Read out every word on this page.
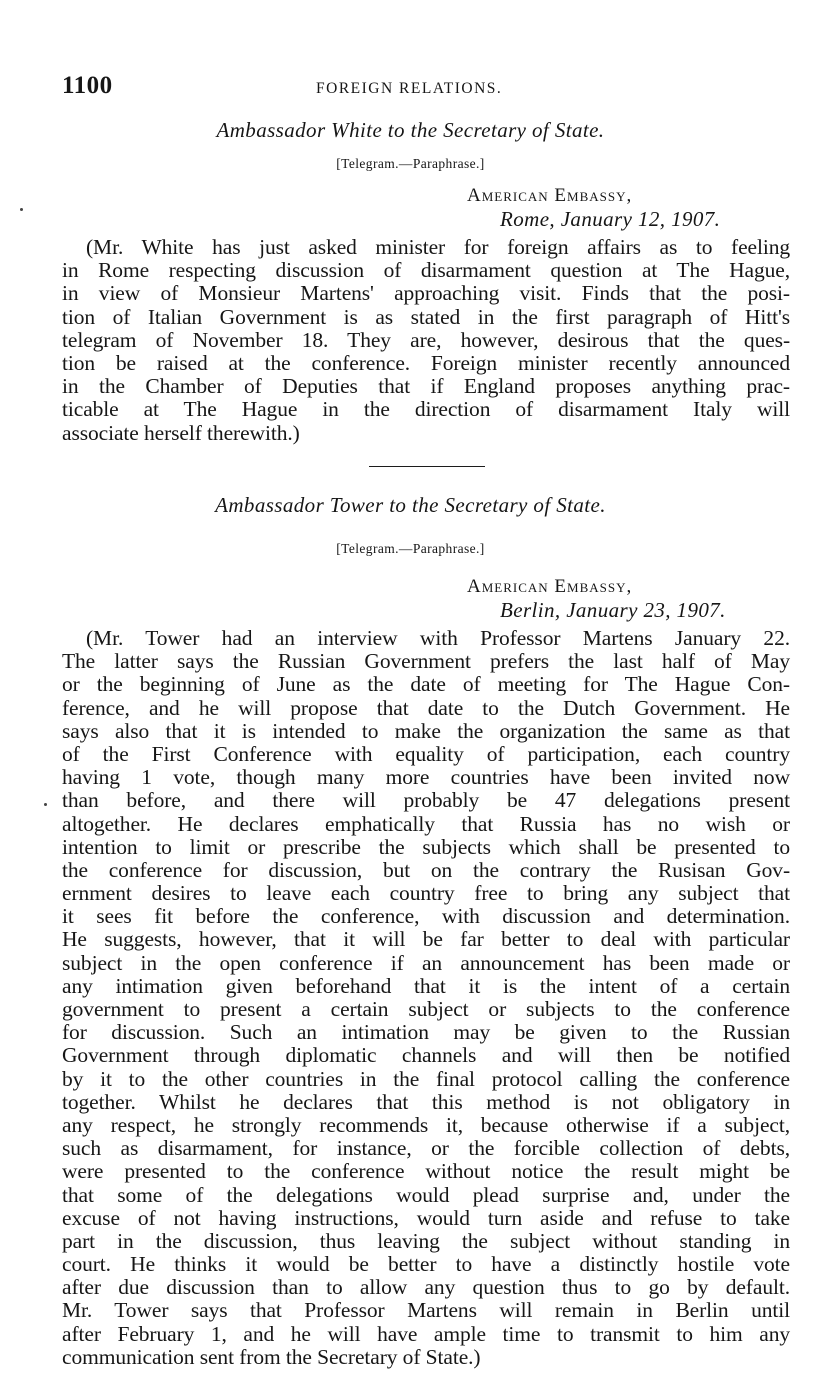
1100	FOREIGN RELATIONS.
Ambassador White to the Secretary of State.
[Telegram.—Paraphrase.]
American Embassy,
Rome, January 12, 1907.
(Mr. White has just asked minister for foreign affairs as to feeling
in Rome respecting discussion of disarmament question at The Hague,
in view of Monsieur Martens' approaching visit. Finds that the posi-
tion of Italian Government is as stated in the first paragraph of Hitt's
telegram of November 18. They are, however, desirous that the ques-
tion be raised at the conference. Foreign minister recently announced
in the Chamber of Deputies that if England proposes anything prac-
ticable at The Hague in the direction of disarmament Italy will
associate herself therewith.)
Ambassador Tower to the Secretary of State.
[Telegram.—Paraphrase.]
American Embassy,
Berlin, January 23, 1907.
(Mr. Tower had an interview with Professor Martens January 22.
The latter says the Russian Government prefers the last half of May
or the beginning of June as the date of meeting for The Hague Con-
ference, and he will propose that date to the Dutch Government. He
says also that it is intended to make the organization the same as that
of the First Conference with equality of participation, each country
having 1 vote, though many more countries have been invited now
than before, and there will probably be 47 delegations present
altogether. He declares emphatically that Russia has no wish or
intention to limit or prescribe the subjects which shall be presented to
the conference for discussion, but on the contrary the Rusisan Gov-
ernment desires to leave each country free to bring any subject that
it sees fit before the conference, with discussion and determination.
He suggests, however, that it will be far better to deal with particular
subject in the open conference if an announcement has been made or
any intimation given beforehand that it is the intent of a certain
government to present a certain subject or subjects to the conference
for discussion. Such an intimation may be given to the Russian
Government through diplomatic channels and will then be notified
by it to the other countries in the final protocol calling the conference
together. Whilst he declares that this method is not obligatory in
any respect, he strongly recommends it, because otherwise if a subject,
such as disarmament, for instance, or the forcible collection of debts,
were presented to the conference without notice the result might be
that some of the delegations would plead surprise and, under the
excuse of not having instructions, would turn aside and refuse to take
part in the discussion, thus leaving the subject without standing in
court. He thinks it would be better to have a distinctly hostile vote
after due discussion than to allow any question thus to go by default.
Mr. Tower says that Professor Martens will remain in Berlin until
after February 1, and he will have ample time to transmit to him any
communication sent from the Secretary of State.)
